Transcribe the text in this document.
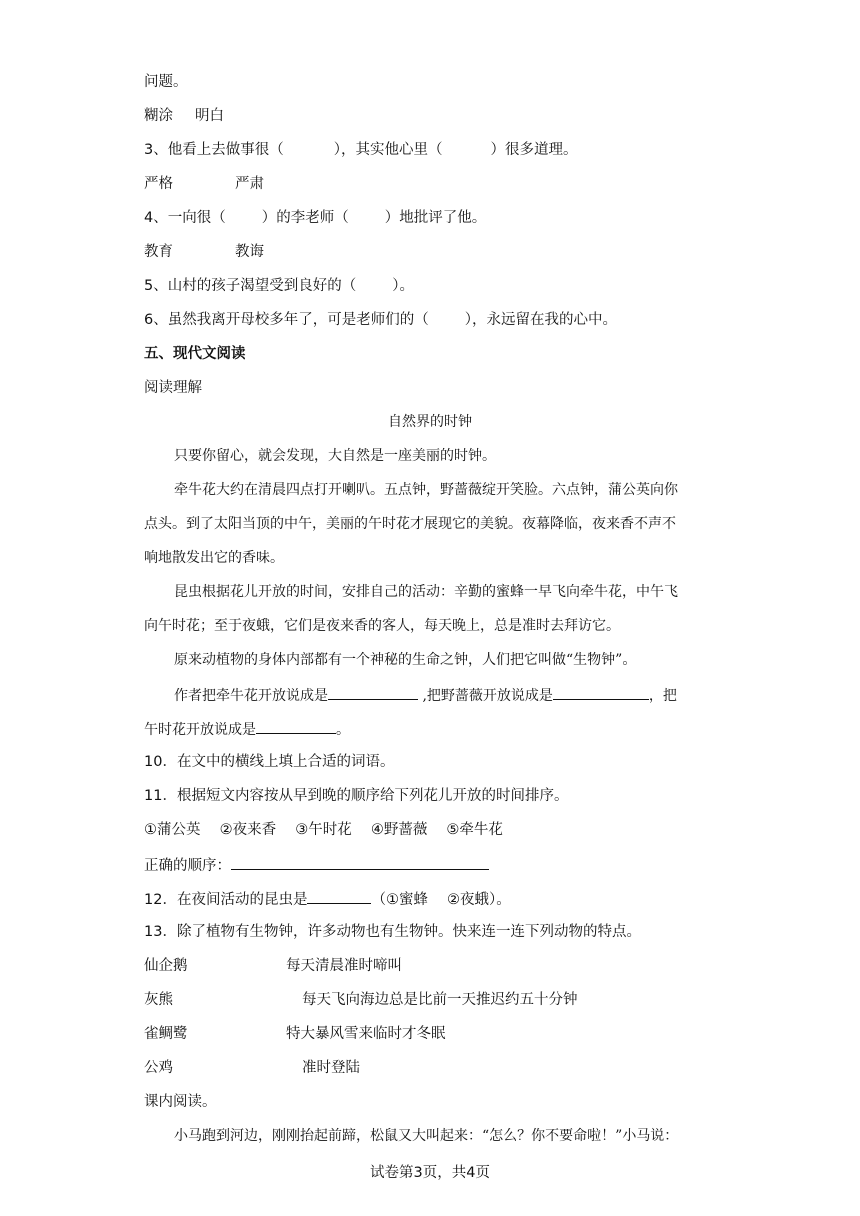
问题。
糊涂 明白
3、他看上去做事很（	），其实他心里（	）很多道理。
严格	严肃
4、一向很（ ）的李老师（ ）地批评了他。
教育	教诲
5、山村的孩子渴望受到良好的（ ）。
6、虽然我离开母校多年了，可是老师们的（ ），永远留在我的心中。
五、现代文阅读
阅读理解
自然界的时钟
只要你留心，就会发现，大自然是一座美丽的时钟。
牵牛花大约在清晨四点打开喇叭。五点钟，野蔷薇绽开笑脸。六点钟，蒲公英向你
点头。到了太阳当顶的中午，美丽的午时花才展现它的美貌。夜幕降临，夜来香不声不
响地散发出它的香味。
昆虫根据花儿开放的时间，安排自己的活动：辛勤的蜜蜂一早飞向牵牛花，中午飞
向午时花；至于夜蛾，它们是夜来香的客人，每天晚上，总是准时去拜访它。
原来动植物的身体内部都有一个神秘的生命之钟，人们把它叫做“生物钟”。
作者把牵牛花开放说成是	,把野蔷薇开放说成是	，把
午时花开放说成是	。
10．在文中的横线上填上合适的词语。
11．根据短文内容按从早到晚的顺序给下列花儿开放的时间排序。
①蒲公英　 ②夜来香　 ③午时花　 ④野蔷薇　 ⑤牵牛花
正确的顺序：
12．在夜间活动的昆虫是	（①蜜蜂　 ②夜蛾）。
13．除了植物有生物钟，许多动物也有生物钟。快来连一连下列动物的特点。
仙企鹅	每天清晨准时啼叫
灰熊	每天飞向海边总是比前一天推迟约五十分钟
雀鲷鹭	特大暴风雪来临时才冬眠
公鸡	准时登陆
课内阅读。
小马跑到河边，刚刚抬起前蹄，松鼠又大叫起来：“怎么？你不要命啦！”小马说：
试卷第3页，共4页
